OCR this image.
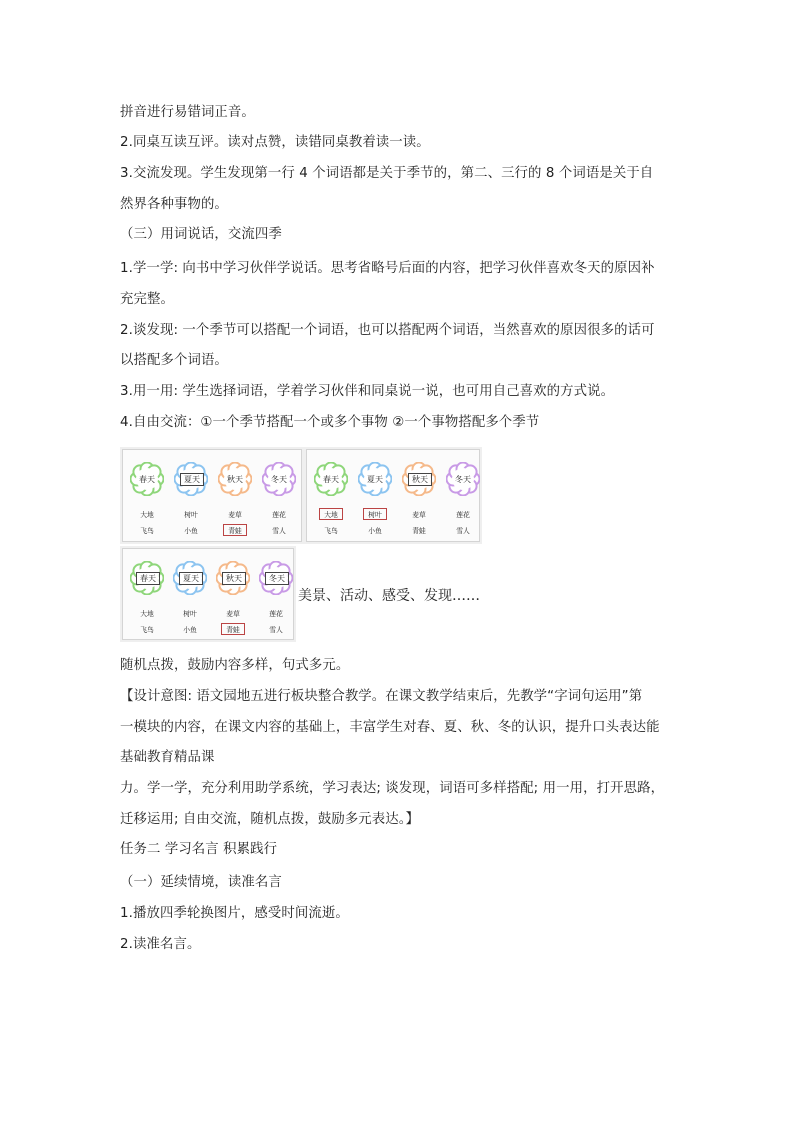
拼音进行易错词正音。
2.同桌互读互评。读对点赞，读错同桌教着读一读。
3.交流发现。学生发现第一行 4 个词语都是关于季节的，第二、三行的 8 个词语是关于自
然界各种事物的。
（三）用词说话，交流四季
1.学一学: 向书中学习伙伴学说话。思考省略号后面的内容，把学习伙伴喜欢冬天的原因补
充完整。
2.谈发现: 一个季节可以搭配一个词语，也可以搭配两个词语，当然喜欢的原因很多的话可
以搭配多个词语。
3.用一用: 学生选择词语，学着学习伙伴和同桌说一说，也可用自己喜欢的方式说。
4.自由交流：①一个季节搭配一个或多个事物 ②一个事物搭配多个季节
美景、活动、感受、发现……
春天
大地
飞鸟
夏天
树叶
小鱼
秋天
麦草
青蛙
冬天
莲花
雪人
春天
大地
飞鸟
夏天
树叶
小鱼
秋天
麦草
青蛙
冬天
莲花
雪人
春天
大地
飞鸟
夏天
树叶
小鱼
秋天
麦草
青蛙
冬天
莲花
雪人
随机点拨，鼓励内容多样，句式多元。
【设计意图: 语文园地五进行板块整合教学。在课文教学结束后，先教学“字词句运用”第
一模块的内容，在课文内容的基础上，丰富学生对春、夏、秋、冬的认识，提升口头表达能
基础教育精品课
力。学一学，充分利用助学系统，学习表达; 谈发现，词语可多样搭配; 用一用，打开思路，
迁移运用; 自由交流，随机点拨，鼓励多元表达。】
任务二 学习名言 积累践行
（一）延续情境，读准名言
1.播放四季轮换图片，感受时间流逝。
2.读准名言。
